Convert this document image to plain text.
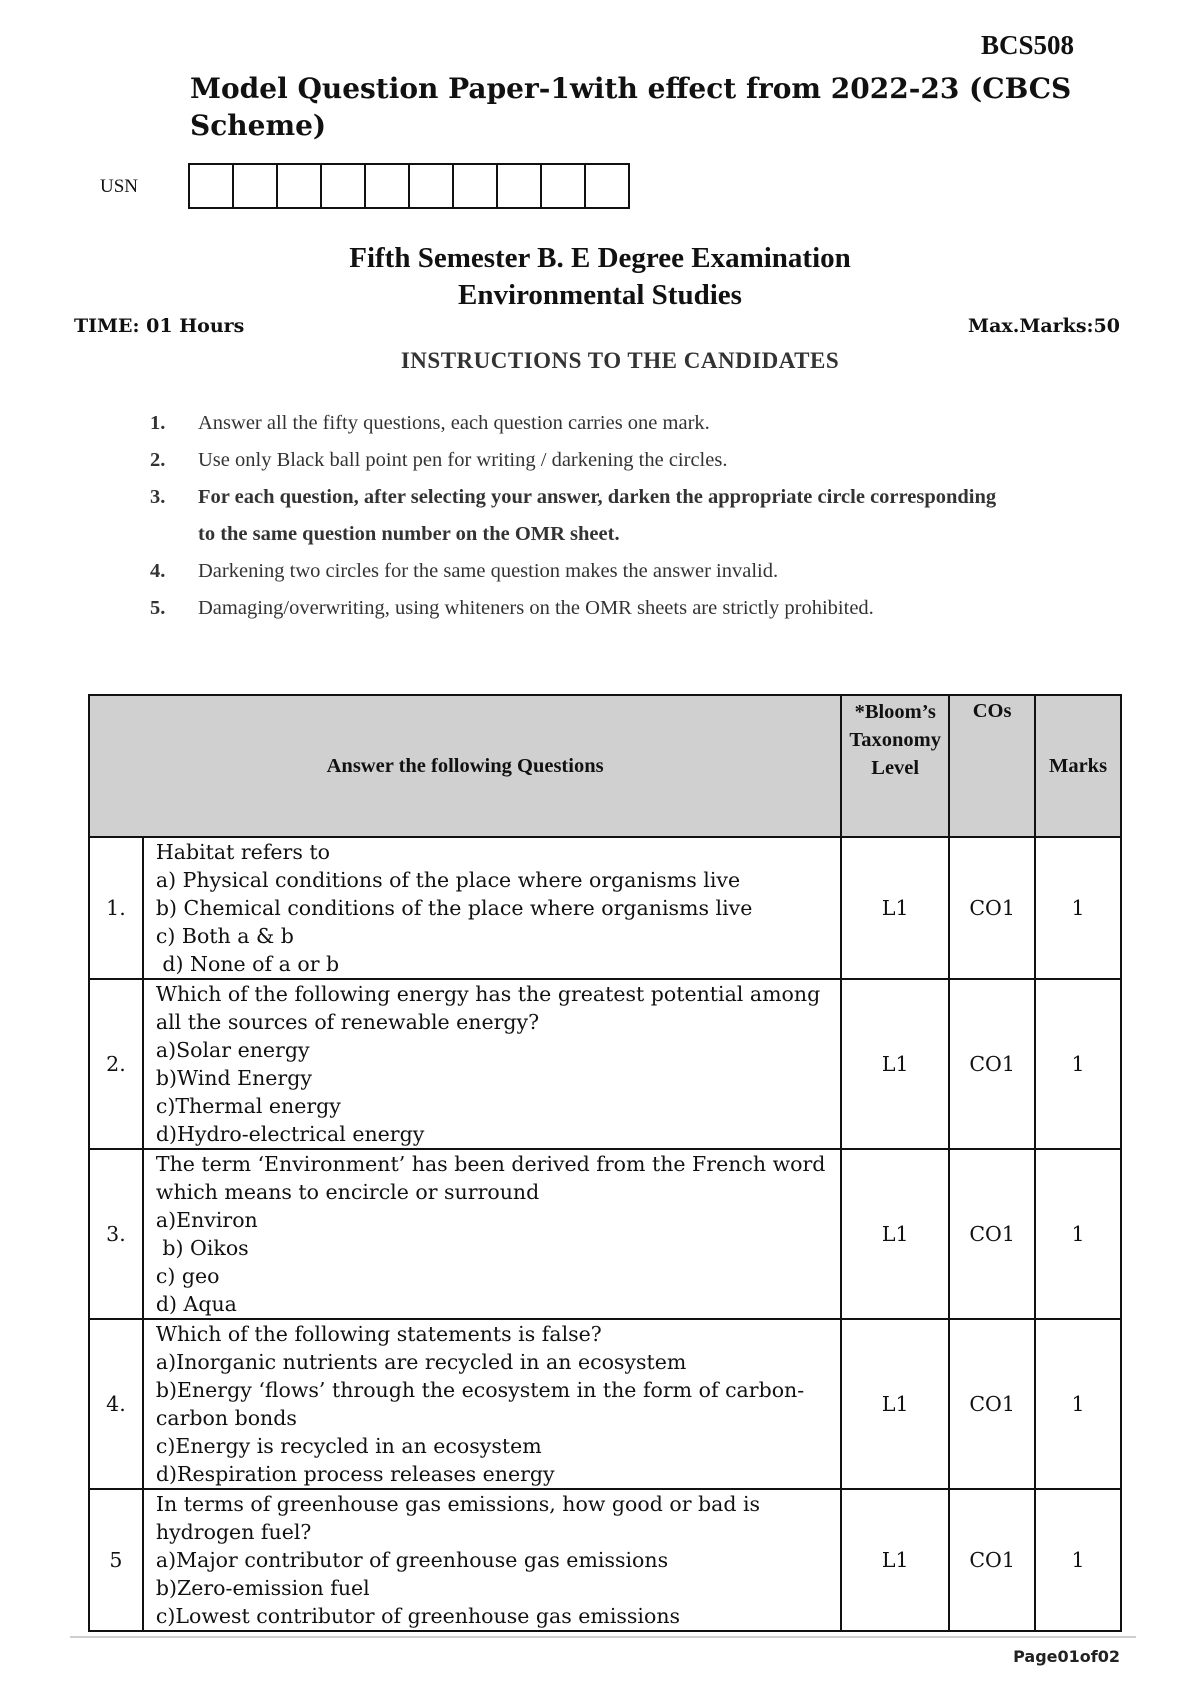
BCS508
Model Question Paper-1with effect from 2022-23 (CBCS Scheme)
USN
Fifth Semester B. E Degree Examination
Environmental Studies
TIME: 01 Hours	Max.Marks:50
INSTRUCTIONS TO THE CANDIDATES
1.	Answer all the fifty questions, each question carries one mark.
2.	Use only Black ball point pen for writing / darkening the circles.
3.	For each question, after selecting your answer, darken the appropriate circle corresponding to the same question number on the OMR sheet.
4.	Darkening two circles for the same question makes the answer invalid.
5.	Damaging/overwriting, using whiteners on the OMR sheets are strictly prohibited.
Answer the following Questions		*Bloom’s Taxonomy Level	COs	Marks
1.	Habitat refers to
a) Physical conditions of the place where organisms live
b) Chemical conditions of the place where organisms live
c) Both a & b
d) None of a or b	L1	CO1	1
2.	Which of the following energy has the greatest potential among all the sources of renewable energy?
a)Solar energy
b)Wind Energy
c)Thermal energy
d)Hydro-electrical energy	L1	CO1	1
3.	The term ‘Environment’ has been derived from the French word which means to encircle or surround
a)Environ
b) Oikos
c) geo
d) Aqua	L1	CO1	1
4.	Which of the following statements is false?
a)Inorganic nutrients are recycled in an ecosystem
b)Energy ‘flows’ through the ecosystem in the form of carbon-carbon bonds
c)Energy is recycled in an ecosystem
d)Respiration process releases energy	L1	CO1	1
5	In terms of greenhouse gas emissions, how good or bad is hydrogen fuel?
a)Major contributor of greenhouse gas emissions
b)Zero-emission fuel
c)Lowest contributor of greenhouse gas emissions	L1	CO1	1
Page01of02
